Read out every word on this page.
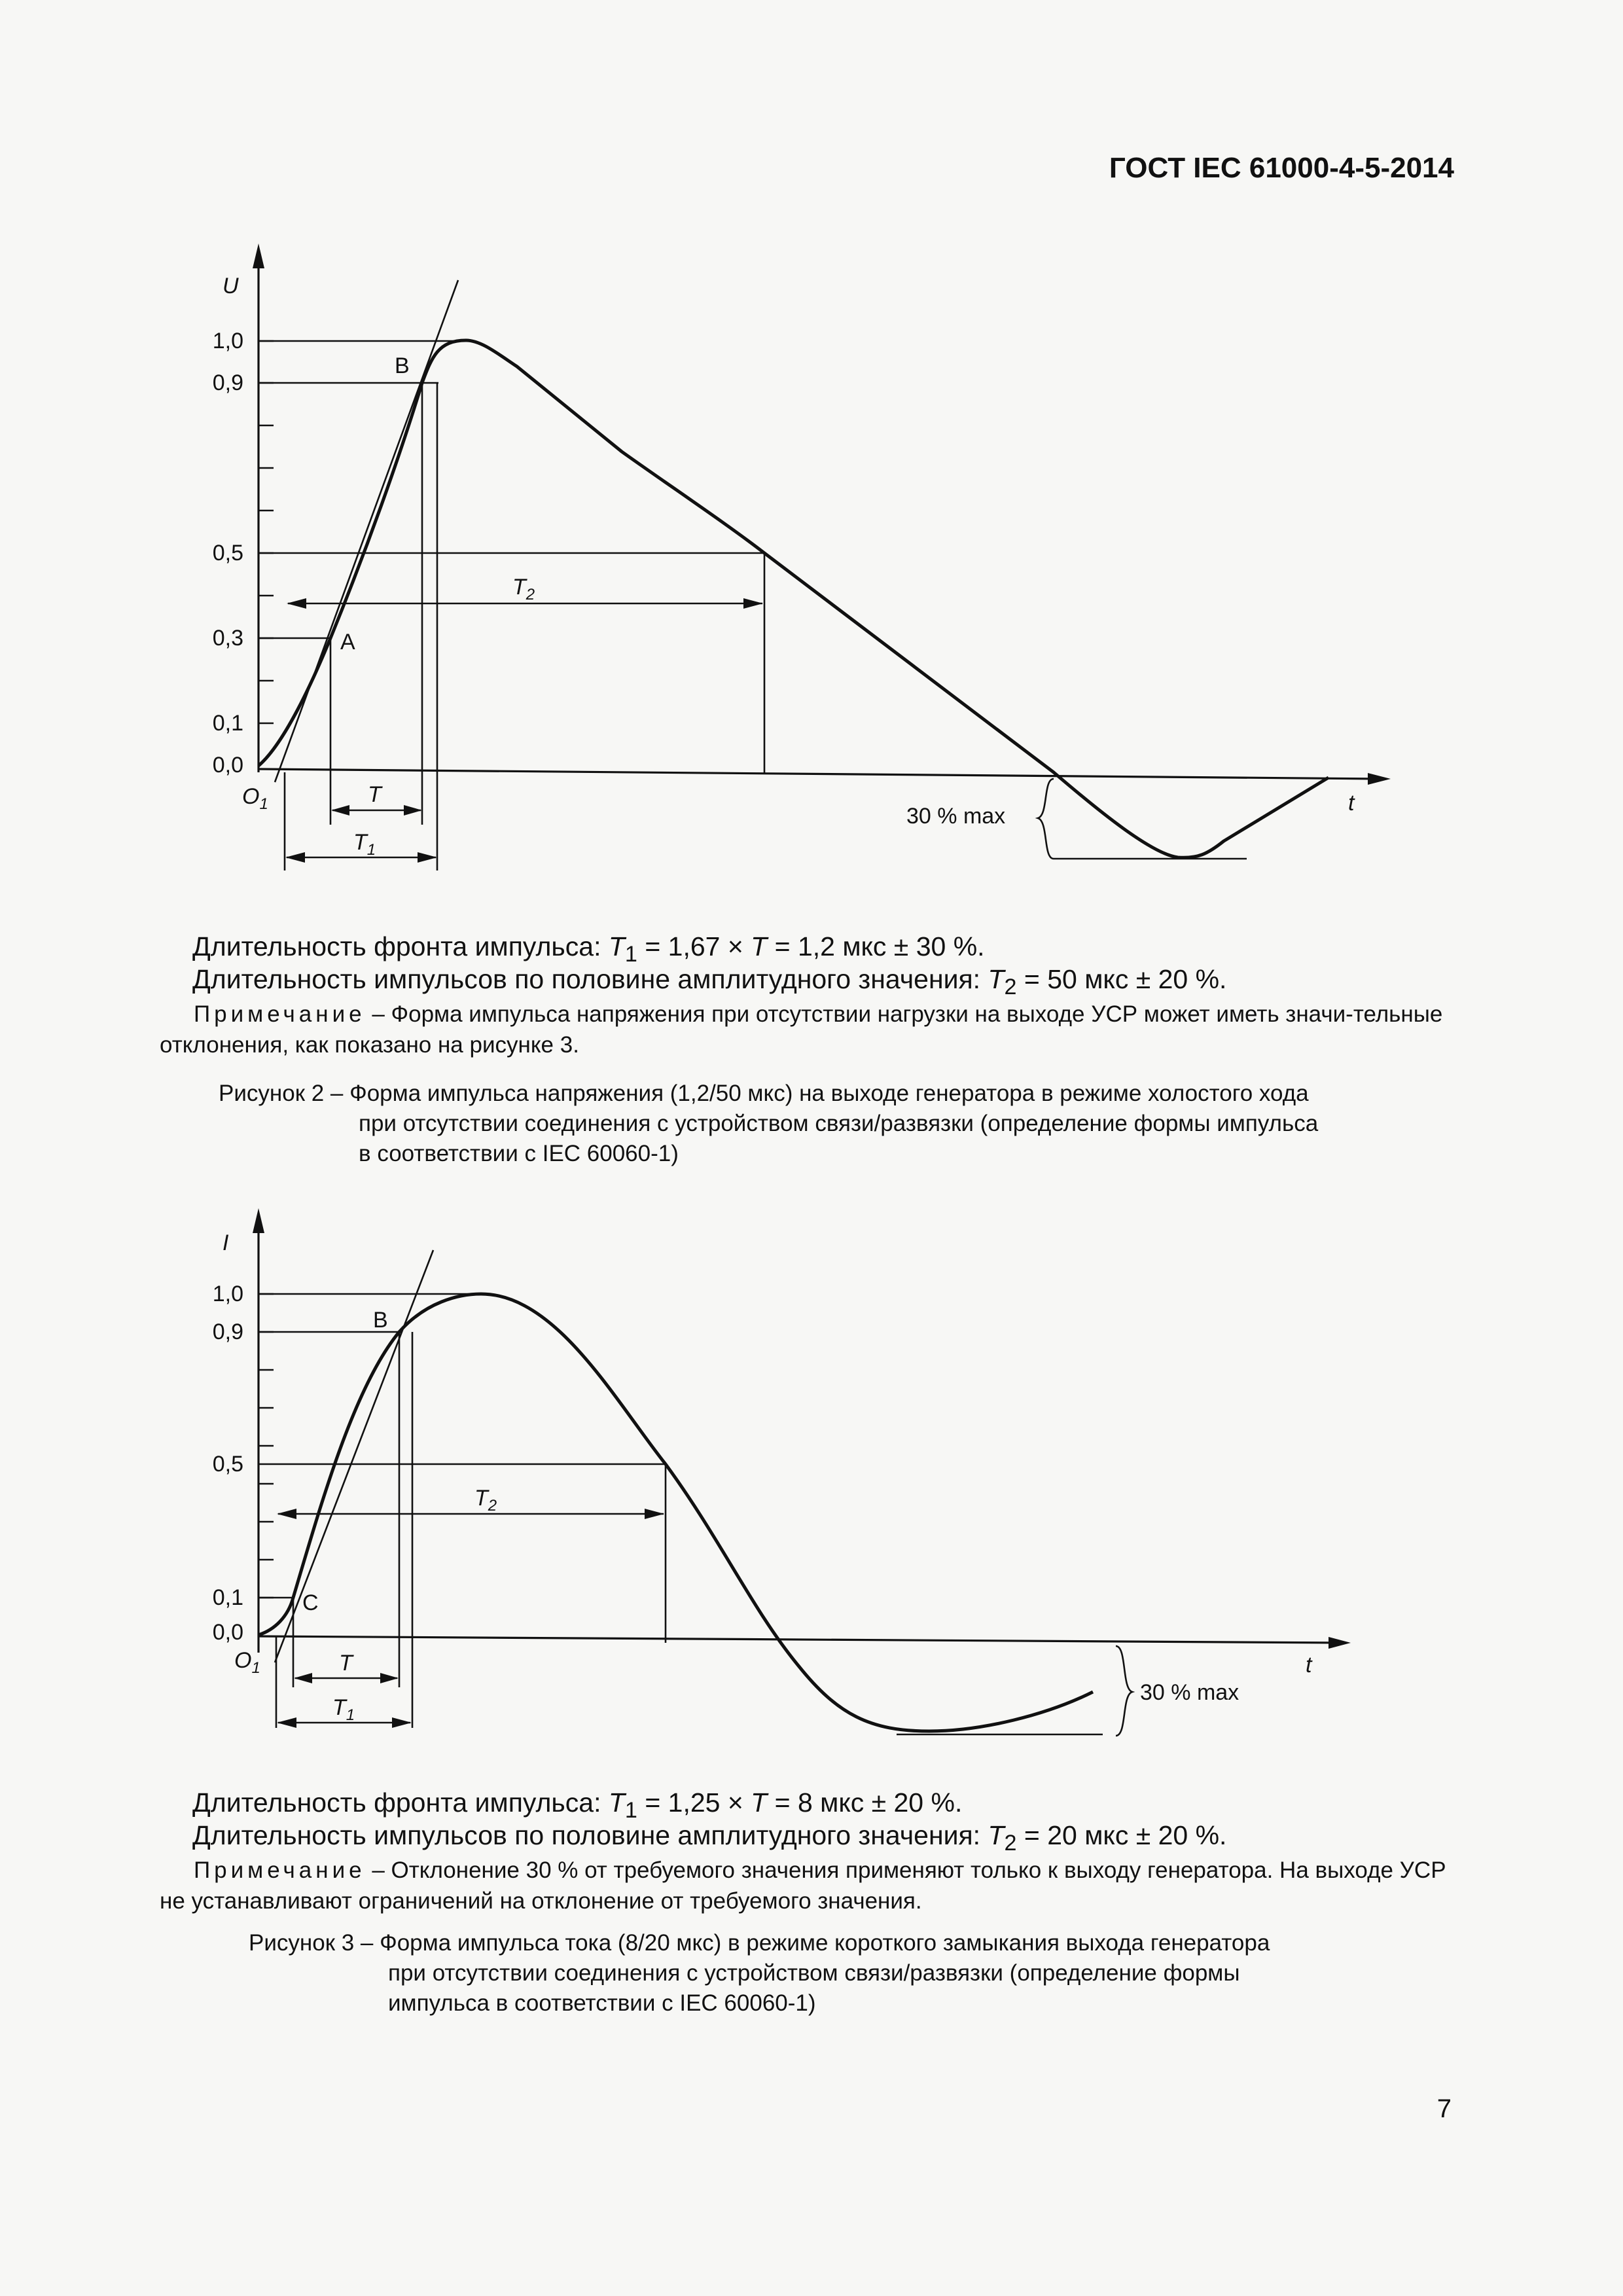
ГОСТ IEC 61000-4-5-2014
U
1,0
0,9
0,5
0,3
0,1
0,0
$O_1$
A
B
$T_2$
T
$T_1$
30 % max
t
Длительность фронта импульса: $T_1 = 1,67 \times T = 1,2$ мкс ± 30 %.
Длительность импульсов по половине амплитудного значения: $T_2 = 50$ мкс ± 20 %.
Примечание – Форма импульса напряжения при отсутствии нагрузки на выходе УСР может иметь значи-тельные отклонения, как показано на рисунке 3.
Рисунок 2 – Форма импульса напряжения (1,2/50 мкс) на выходе генератора в режиме холостого хода
при отсутствии соединения с устройством связи/развязки (определение формы импульса
в соответствии с IEC 60060-1)
I
1,0
0,9
0,5
0,1
0,0
$O_1$
C
B
$T_2$
T
$T_1$
30 % max
t
Длительность фронта импульса: $T_1 = 1,25 \times T = 8$ мкс ± 20 %.
Длительность импульсов по половине амплитудного значения: $T_2 = 20$ мкс ± 20 %.
Примечание – Отклонение 30 % от требуемого значения применяют только к выходу генератора. На выходе УСР не устанавливают ограничений на отклонение от требуемого значения.
Рисунок 3 – Форма импульса тока (8/20 мкс) в режиме короткого замыкания выхода генератора
при отсутствии соединения с устройством связи/развязки (определение формы
импульса в соответствии с IEC 60060-1)
7
